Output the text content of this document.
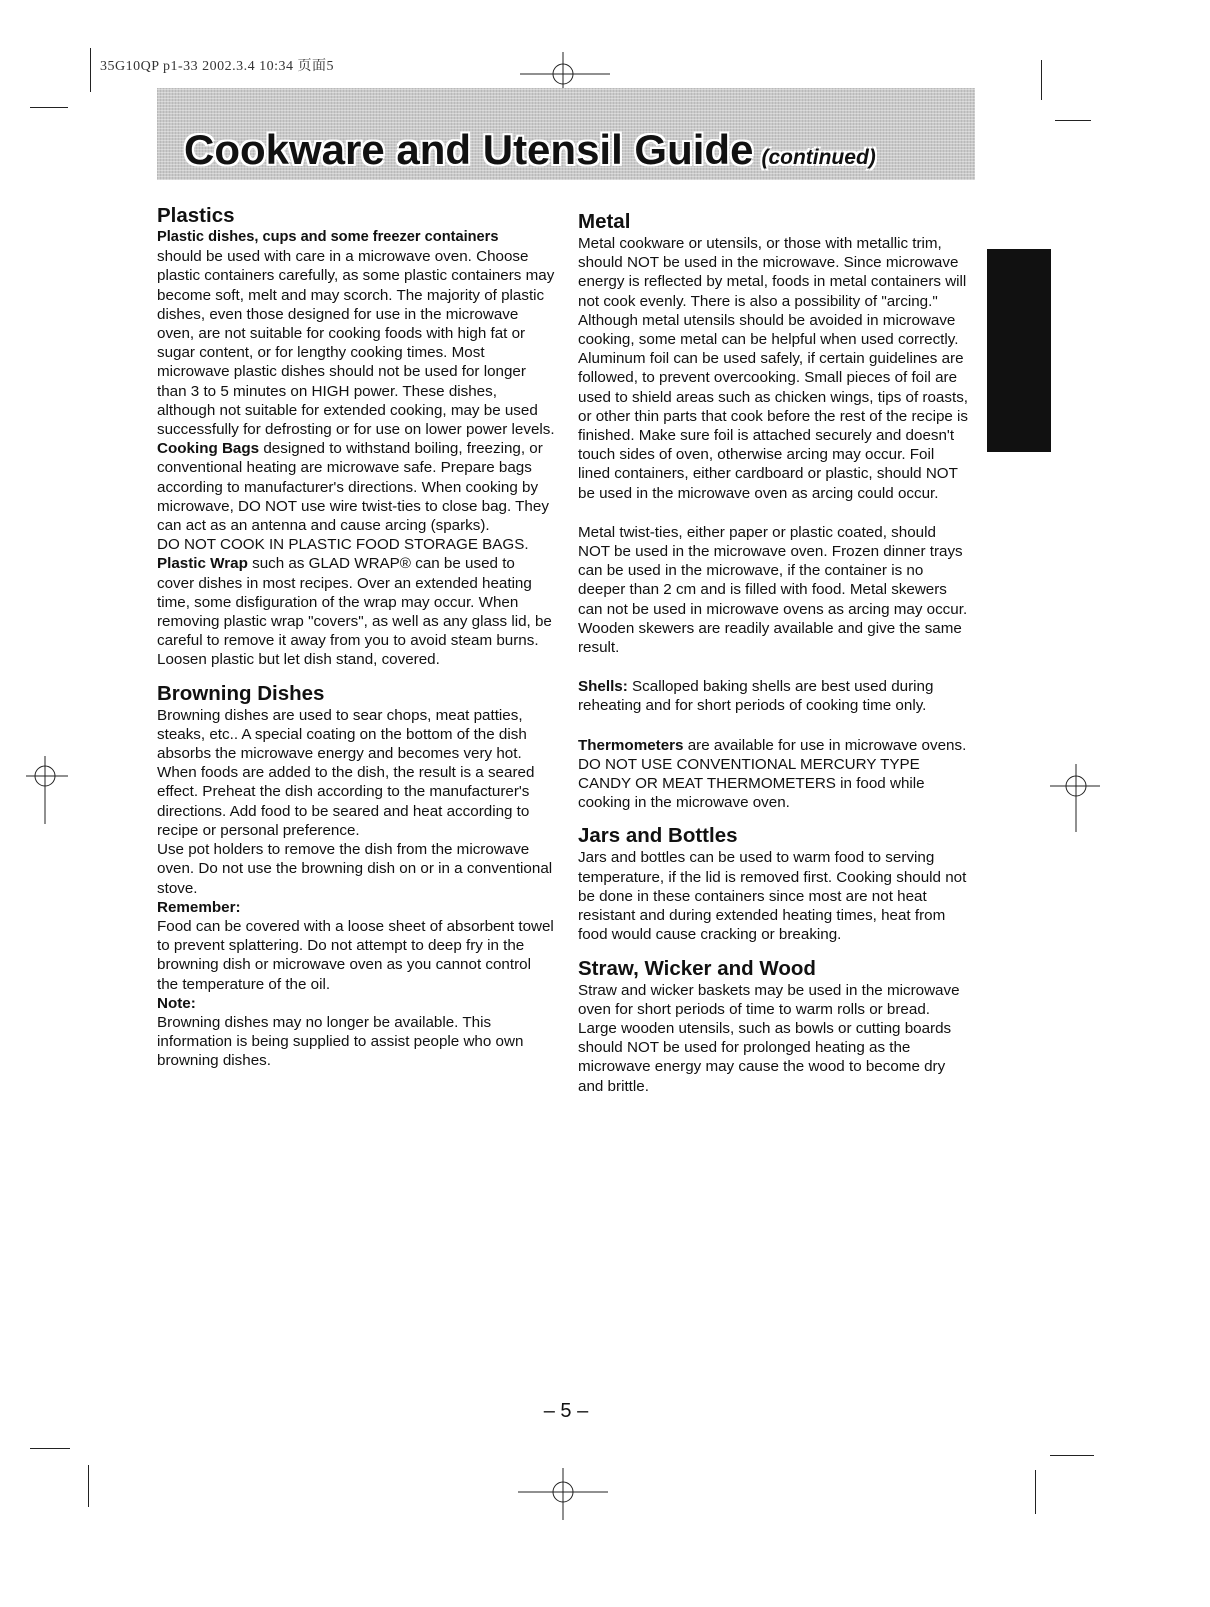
35G10QP p1-33 2002.3.4 10:34 页面5
Cookware and Utensil Guide (continued)
Plastics

Plastic dishes, cups and some freezer containers

should be used with care in a microwave oven. Choose plastic containers carefully, as some plastic containers may become soft, melt and may scorch. The majority of plastic dishes, even those designed for use in the microwave oven, are not suitable for cooking foods with high fat or sugar content, or for lengthy cooking times. Most microwave plastic dishes should not be used for longer than 3 to 5 minutes on HIGH power. These dishes, although not suitable for extended cooking, may be used successfully for defrosting or for use on lower power levels.

Cooking Bags designed to withstand boiling, freezing, or conventional heating are microwave safe. Prepare bags according to manufacturer's directions. When cooking by microwave, DO NOT use wire twist-ties to close bag. They can act as an antenna and cause arcing (sparks).

DO NOT COOK IN PLASTIC FOOD STORAGE BAGS.

Plastic Wrap such as GLAD WRAP® can be used to cover dishes in most recipes. Over an extended heating time, some disfiguration of the wrap may occur. When removing plastic wrap "covers", as well as any glass lid, be careful to remove it away from you to avoid steam burns.

Loosen plastic but let dish stand, covered.

Browning Dishes

Browning dishes are used to sear chops, meat patties, steaks, etc.. A special coating on the bottom of the dish absorbs the microwave energy and becomes very hot. When foods are added to the dish, the result is a seared effect. Preheat the dish according to the manufacturer's directions. Add food to be seared and heat according to recipe or personal preference.

Use pot holders to remove the dish from the microwave oven. Do not use the browning dish on or in a conventional stove.

Remember:

Food can be covered with a loose sheet of absorbent towel to prevent splattering. Do not attempt to deep fry in the browning dish or microwave oven as you cannot control the temperature of the oil.

Note:

Browning dishes may no longer be available. This information is being supplied to assist people who own browning dishes.

Metal

Metal cookware or utensils, or those with metallic trim, should NOT be used in the microwave. Since microwave energy is reflected by metal, foods in metal containers will not cook evenly. There is also a possibility of "arcing."

Although metal utensils should be avoided in microwave cooking, some metal can be helpful when used correctly.

Aluminum foil can be used safely, if certain guidelines are followed, to prevent overcooking. Small pieces of foil are used to shield areas such as chicken wings, tips of roasts, or other thin parts that cook before the rest of the recipe is finished. Make sure foil is attached securely and doesn't touch sides of oven, otherwise arcing may occur. Foil lined containers, either cardboard or plastic, should NOT be used in the microwave oven as arcing could occur.

Metal twist-ties, either paper or plastic coated, should NOT be used in the microwave oven. Frozen dinner trays can be used in the microwave, if the container is no deeper than 2 cm and is filled with food. Metal skewers can not be used in microwave ovens as arcing may occur. Wooden skewers are readily available and give the same result.

Shells: Scalloped baking shells are best used during reheating and for short periods of cooking time only.

Thermometers are available for use in microwave ovens. DO NOT USE CONVENTIONAL MERCURY TYPE CANDY OR MEAT THERMOMETERS in food while cooking in the microwave oven.

Jars and Bottles

Jars and bottles can be used to warm food to serving temperature, if the lid is removed first. Cooking should not be done in these containers since most are not heat resistant and during extended heating times, heat from food would cause cracking or breaking.

Straw, Wicker and Wood

Straw and wicker baskets may be used in the microwave oven for short periods of time to warm rolls or bread. Large wooden utensils, such as bowls or cutting boards should NOT be used for prolonged heating as the microwave energy may cause the wood to become dry and brittle.

– 5 –
